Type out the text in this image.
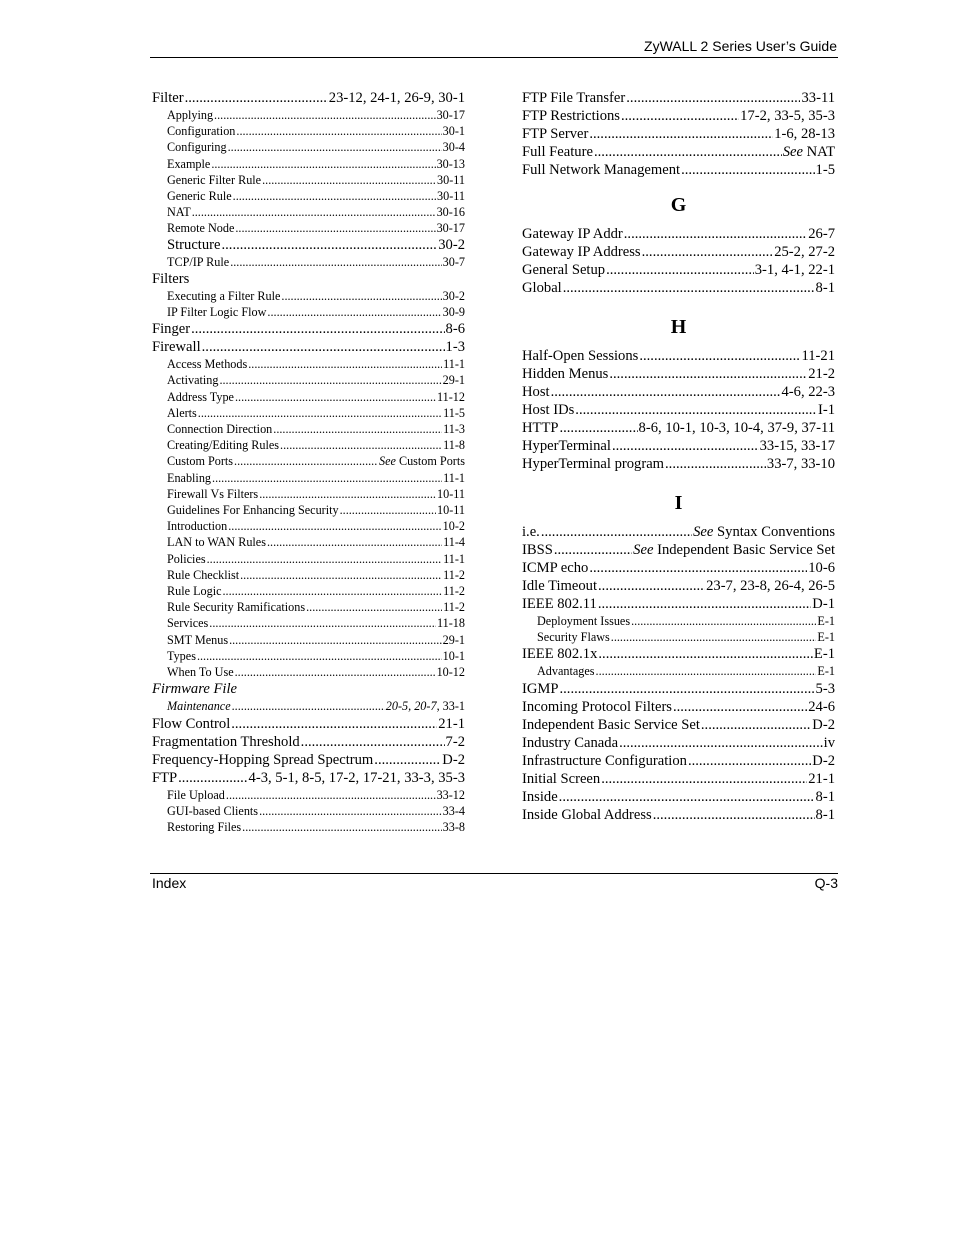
ZyWALL 2 Series User’s Guide
Filter .....	23-12, 24-1, 26-9, 30-1
Applying .....	30-17
Configuration .....	30-1
Configuring .....	30-4
Example .....	30-13
Generic Filter Rule .....	30-11
Generic Rule .....	30-11
NAT .....	30-16
Remote Node .....	30-17
Structure .....	30-2
TCP/IP Rule .....	30-7
Filters
Executing a Filter Rule .....	30-2
IP Filter Logic Flow .....	30-9
Finger .....	8-6
Firewall .....	1-3
Access Methods .....	11-1
Activating .....	29-1
Address Type .....	11-12
Alerts .....	11-5
Connection Direction .....	11-3
Creating/Editing Rules .....	11-8
Custom Ports .....	See Custom Ports
Enabling .....	11-1
Firewall Vs Filters .....	10-11
Guidelines For Enhancing Security .....	10-11
Introduction .....	10-2
LAN to WAN Rules .....	11-4
Policies .....	11-1
Rule Checklist .....	11-2
Rule Logic .....	11-2
Rule Security Ramifications .....	11-2
Services .....	11-18
SMT Menus .....	29-1
Types .....	10-1
When To Use .....	10-12
Firmware File
Maintenance .....	20-5, 20-7, 33-1
Flow Control .....	21-1
Fragmentation Threshold .....	7-2
Frequency-Hopping Spread Spectrum .....	D-2
FTP .....	4-3, 5-1, 8-5, 17-2, 17-21, 33-3, 35-3
File Upload .....	33-12
GUI-based Clients .....	33-4
Restoring Files .....	33-8
FTP File Transfer .....	33-11
FTP Restrictions .....	17-2, 33-5, 35-3
FTP Server .....	1-6, 28-13
Full Feature .....	See NAT
Full Network Management .....	1-5
G
Gateway IP Addr .....	26-7
Gateway IP Address .....	25-2, 27-2
General Setup .....	3-1, 4-1, 22-1
Global .....	8-1
H
Half-Open Sessions .....	11-21
Hidden Menus .....	21-2
Host .....	4-6, 22-3
Host IDs .....	I-1
HTTP .....	8-6, 10-1, 10-3, 10-4, 37-9, 37-11
HyperTerminal .....	33-15, 33-17
HyperTerminal program .....	33-7, 33-10
I
i.e. .....	See Syntax Conventions
IBSS .....	See Independent Basic Service Set
ICMP echo .....	10-6
Idle Timeout .....	23-7, 23-8, 26-4, 26-5
IEEE 802.11 .....	D-1
Deployment Issues .....	E-1
Security Flaws .....	E-1
IEEE 802.1x .....	E-1
Advantages .....	E-1
IGMP .....	5-3
Incoming Protocol Filters .....	24-6
Independent Basic Service Set .....	D-2
Industry Canada .....	iv
Infrastructure Configuration .....	D-2
Initial Screen .....	21-1
Inside .....	8-1
Inside Global Address .....	8-1
Index	Q-3
